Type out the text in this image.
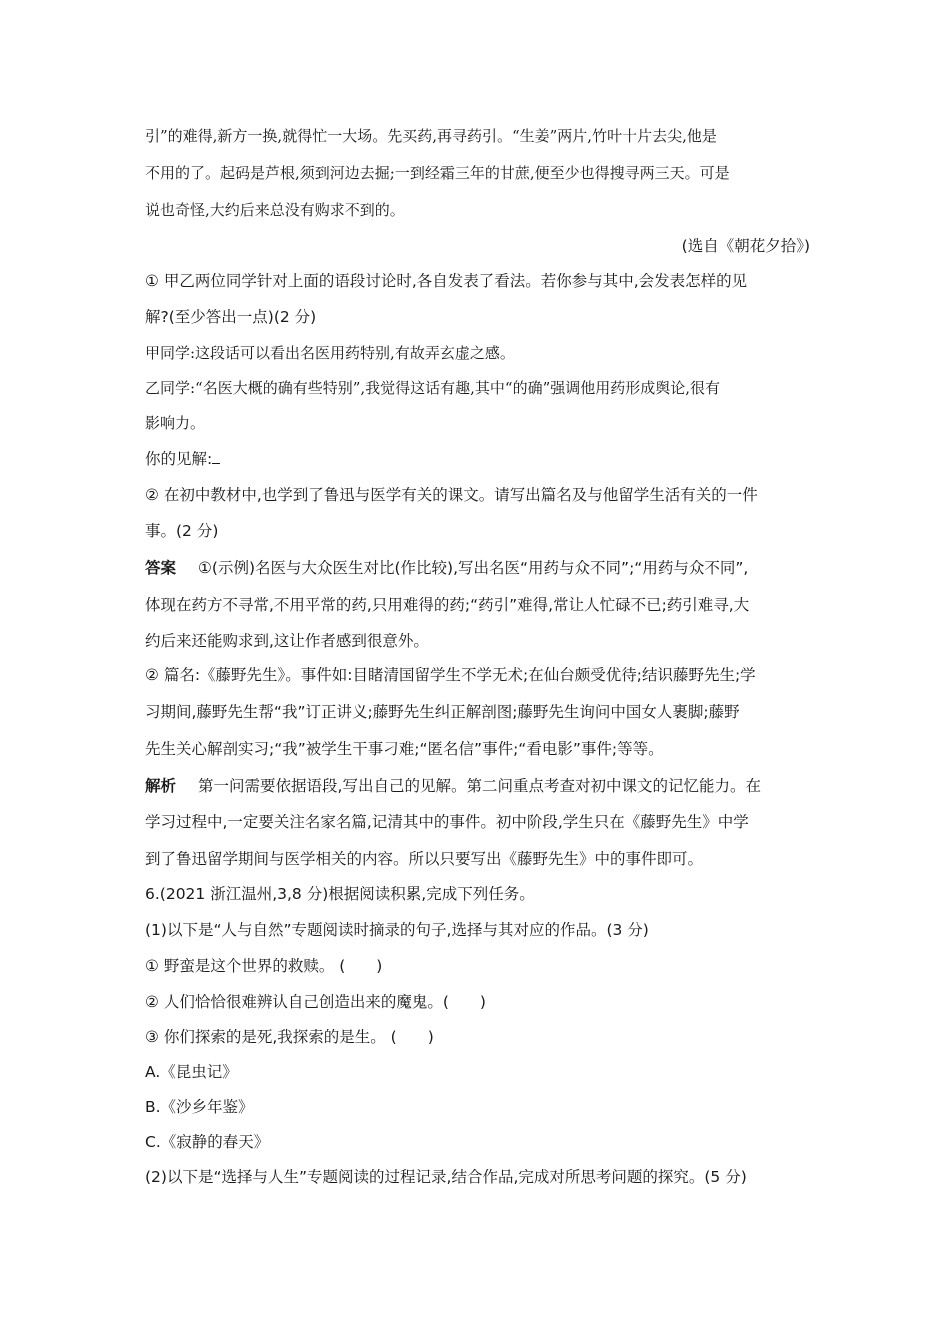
引”的难得,新方一换,就得忙一大场。先买药,再寻药引。“生姜”两片,竹叶十片去尖,他是
不用的了。起码是芦根,须到河边去掘;一到经霜三年的甘蔗,便至少也得搜寻两三天。可是
说也奇怪,大约后来总没有购求不到的。
(选自《朝花夕拾》)
① 甲乙两位同学针对上面的语段讨论时,各自发表了看法。若你参与其中,会发表怎样的见
解?(至少答出一点)(2 分)
甲同学:这段话可以看出名医用药特别,有故弄玄虚之感。
乙同学:“名医大概的确有些特别”,我觉得这话有趣,其中“的确”强调他用药形成舆论,很有
影响力。
你的见解:
② 在初中教材中,也学到了鲁迅与医学有关的课文。请写出篇名及与他留学生活有关的一件
事。(2 分)
答案 ①(示例)名医与大众医生对比(作比较),写出名医“用药与众不同”;“用药与众不同”,
体现在药方不寻常,不用平常的药,只用难得的药;“药引”难得,常让人忙碌不已;药引难寻,大
约后来还能购求到,这让作者感到很意外。
② 篇名:《藤野先生》。事件如:目睹清国留学生不学无术;在仙台颇受优待;结识藤野先生;学
习期间,藤野先生帮“我”订正讲义;藤野先生纠正解剖图;藤野先生询问中国女人裹脚;藤野
先生关心解剖实习;“我”被学生干事刁难;“匿名信”事件;“看电影”事件;等等。
解析 第一问需要依据语段,写出自己的见解。第二问重点考查对初中课文的记忆能力。在
学习过程中,一定要关注名家名篇,记清其中的事件。初中阶段,学生只在《藤野先生》中学
到了鲁迅留学期间与医学相关的内容。所以只要写出《藤野先生》中的事件即可。
6.(2021 浙江温州,3,8 分)根据阅读积累,完成下列任务。
(1)以下是“人与自然”专题阅读时摘录的句子,选择与其对应的作品。(3 分)
① 野蛮是这个世界的救赎。 (　　)
② 人们恰恰很难辨认自己创造出来的魔鬼。(　　)
③ 你们探索的是死,我探索的是生。 (　　)
A.《昆虫记》
B.《沙乡年鉴》
C.《寂静的春天》
(2)以下是“选择与人生”专题阅读的过程记录,结合作品,完成对所思考问题的探究。(5 分)
